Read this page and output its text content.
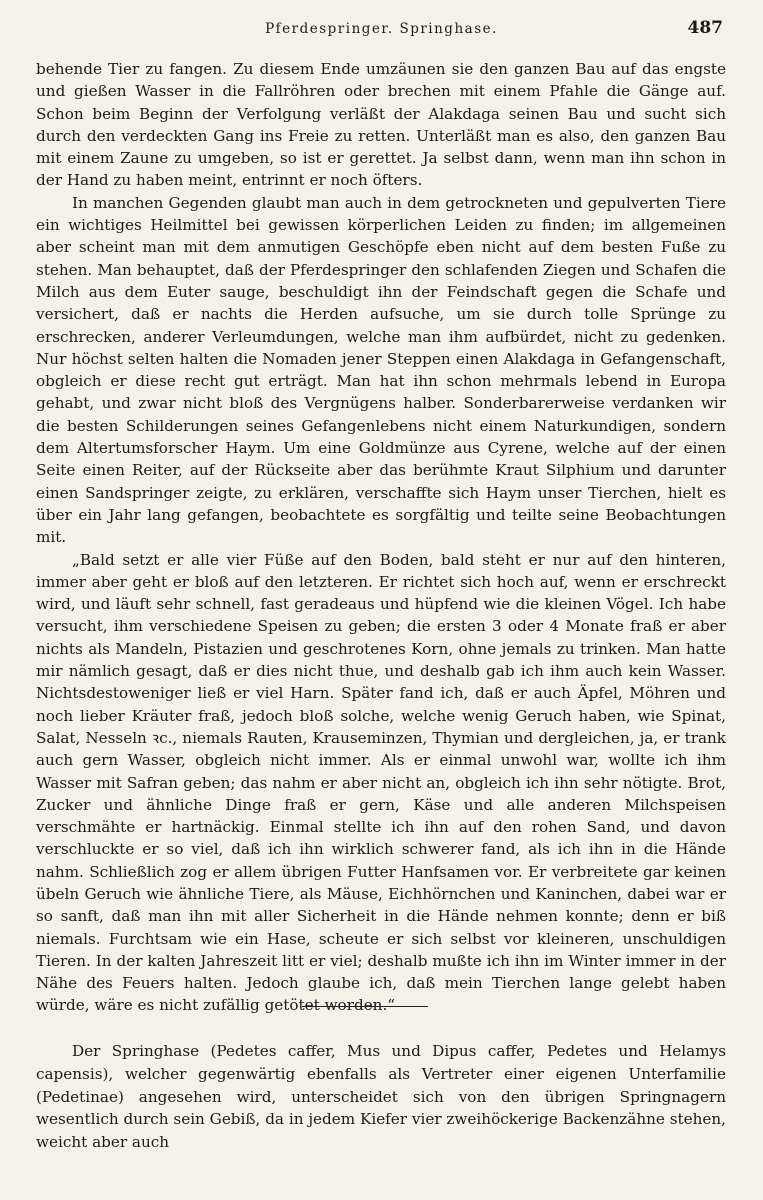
Pferdespringer. Springhase.	487

behende Tier zu fangen. Zu diesem Ende umzäunen sie den ganzen Bau auf das engste und gießen Wasser in die Fallröhren oder brechen mit einem Pfahle die Gänge auf. Schon beim Beginn der Verfolgung verläßt der Alakdaga seinen Bau und sucht sich durch den verdeckten Gang ins Freie zu retten. Unterläßt man es also, den ganzen Bau mit einem Zaune zu umgeben, so ist er gerettet. Ja selbst dann, wenn man ihn schon in der Hand zu haben meint, entrinnt er noch öfters.

In manchen Gegenden glaubt man auch in dem getrockneten und gepulverten Tiere ein wichtiges Heilmittel bei gewissen körperlichen Leiden zu finden; im allgemeinen aber scheint man mit dem anmutigen Geschöpfe eben nicht auf dem besten Fuße zu stehen. Man behauptet, daß der Pferdespringer den schlafenden Ziegen und Schafen die Milch aus dem Euter sauge, beschuldigt ihn der Feindschaft gegen die Schafe und versichert, daß er nachts die Herden aufsuche, um sie durch tolle Sprünge zu erschrecken, anderer Verleumdungen, welche man ihm aufbürdet, nicht zu gedenken. Nur höchst selten halten die Nomaden jener Steppen einen Alakdaga in Gefangenschaft, obgleich er diese recht gut erträgt. Man hat ihn schon mehrmals lebend in Europa gehabt, und zwar nicht bloß des Vergnügens halber. Sonderbarerweise verdanken wir die besten Schilderungen seines Gefangenlebens nicht einem Naturkundigen, sondern dem Altertumsforscher Haym. Um eine Goldmünze aus Cyrene, welche auf der einen Seite einen Reiter, auf der Rückseite aber das berühmte Kraut Silphium und darunter einen Sandspringer zeigte, zu erklären, verschaffte sich Haym unser Tierchen, hielt es über ein Jahr lang gefangen, beobachtete es sorgfältig und teilte seine Beobachtungen mit.

„Bald setzt er alle vier Füße auf den Boden, bald steht er nur auf den hinteren, immer aber geht er bloß auf den letzteren. Er richtet sich hoch auf, wenn er erschreckt wird, und läuft sehr schnell, fast geradeaus und hüpfend wie die kleinen Vögel. Ich habe versucht, ihm verschiedene Speisen zu geben; die ersten 3 oder 4 Monate fraß er aber nichts als Mandeln, Pistazien und geschrotenes Korn, ohne jemals zu trinken. Man hatte mir nämlich gesagt, daß er dies nicht thue, und deshalb gab ich ihm auch kein Wasser. Nichtsdestoweniger ließ er viel Harn. Später fand ich, daß er auch Äpfel, Möhren und noch lieber Kräuter fraß, jedoch bloß solche, welche wenig Geruch haben, wie Spinat, Salat, Nesseln ꝛc., niemals Rauten, Krauseminzen, Thymian und dergleichen, ja, er trank auch gern Wasser, obgleich nicht immer. Als er einmal unwohl war, wollte ich ihm Wasser mit Safran geben; das nahm er aber nicht an, obgleich ich ihn sehr nötigte. Brot, Zucker und ähnliche Dinge fraß er gern, Käse und alle anderen Milchspeisen verschmähte er hartnäckig. Einmal stellte ich ihn auf den rohen Sand, und davon verschluckte er so viel, daß ich ihn wirklich schwerer fand, als ich ihn in die Hände nahm. Schließlich zog er allem übrigen Futter Hanfsamen vor. Er verbreitete gar keinen übeln Geruch wie ähnliche Tiere, als Mäuse, Eichhörnchen und Kaninchen, dabei war er so sanft, daß man ihn mit aller Sicherheit in die Hände nehmen konnte; denn er biß niemals. Furchtsam wie ein Hase, scheute er sich selbst vor kleineren, unschuldigen Tieren. In der kalten Jahreszeit litt er viel; deshalb mußte ich ihn im Winter immer in der Nähe des Feuers halten. Jedoch glaube ich, daß mein Tierchen lange gelebt haben würde, wäre es nicht zufällig getötet worden.“

Der Springhase (Pedetes caffer, Mus und Dipus caffer, Pedetes und Helamys capensis), welcher gegenwärtig ebenfalls als Vertreter einer eigenen Unterfamilie (Pedetinae) angesehen wird, unterscheidet sich von den übrigen Springnagern wesentlich durch sein Gebiß, da in jedem Kiefer vier zweihöckerige Backenzähne stehen, weicht aber auch
